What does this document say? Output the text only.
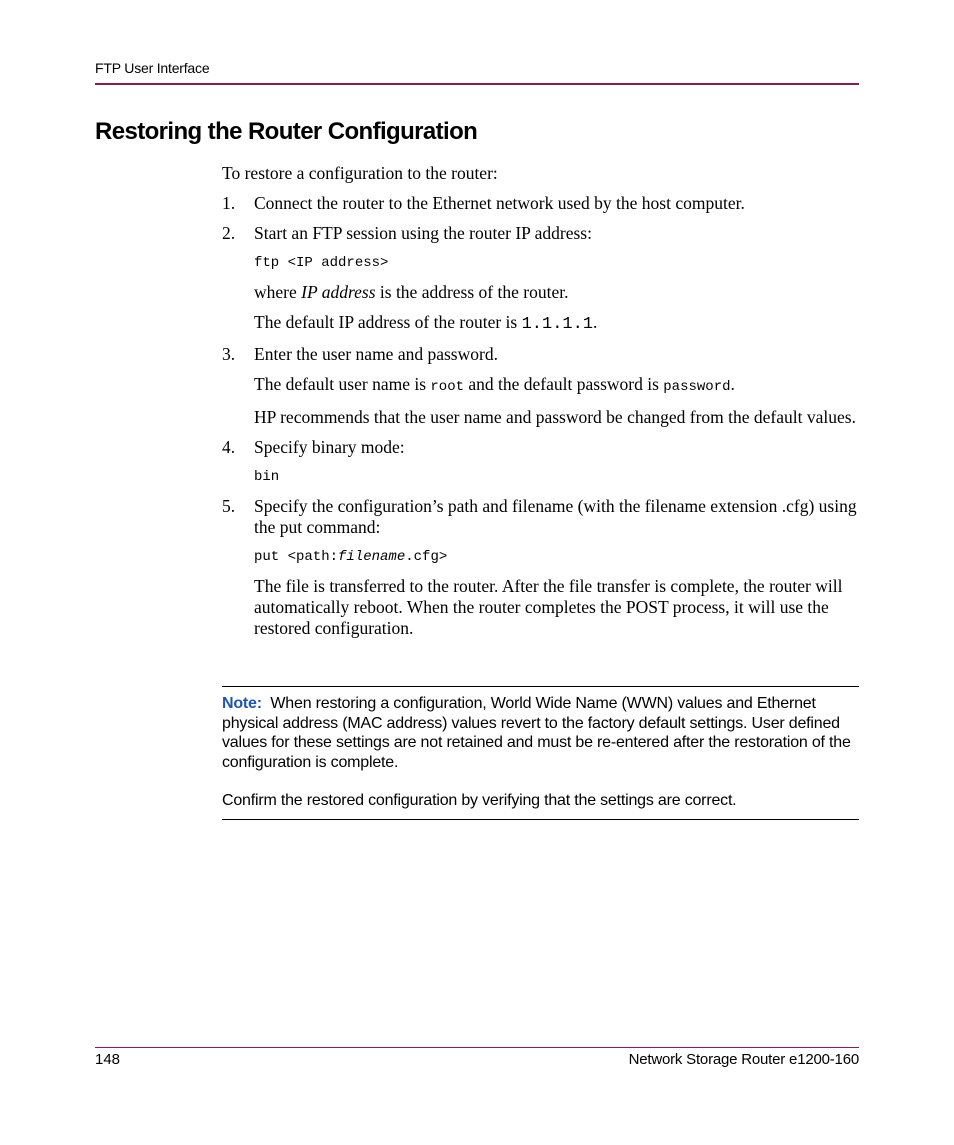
FTP User Interface
Restoring the Router Configuration

To restore a configuration to the router:

1.	Connect the router to the Ethernet network used by the host computer.
2.	Start an FTP session using the router IP address:
ftp <IP address>

where IP address is the address of the router.

The default IP address of the router is 1.1.1.1.

3.	Enter the user name and password.

The default user name is root and the default password is password.

HP recommends that the user name and password be changed from the default values.

4.	Specify binary mode:
bin
5.	Specify the configuration’s path and filename (with the filename extension .cfg) using the put command:
put <path:filename.cfg>

The file is transferred to the router. After the file transfer is complete, the router will automatically reboot. When the router completes the POST process, it will use the restored configuration.

Note: When restoring a configuration, World Wide Name (WWN) values and Ethernet physical address (MAC address) values revert to the factory default settings. User defined values for these settings are not retained and must be re-entered after the restoration of the configuration is complete.
Confirm the restored configuration by verifying that the settings are correct.
148	Network Storage Router e1200-160
